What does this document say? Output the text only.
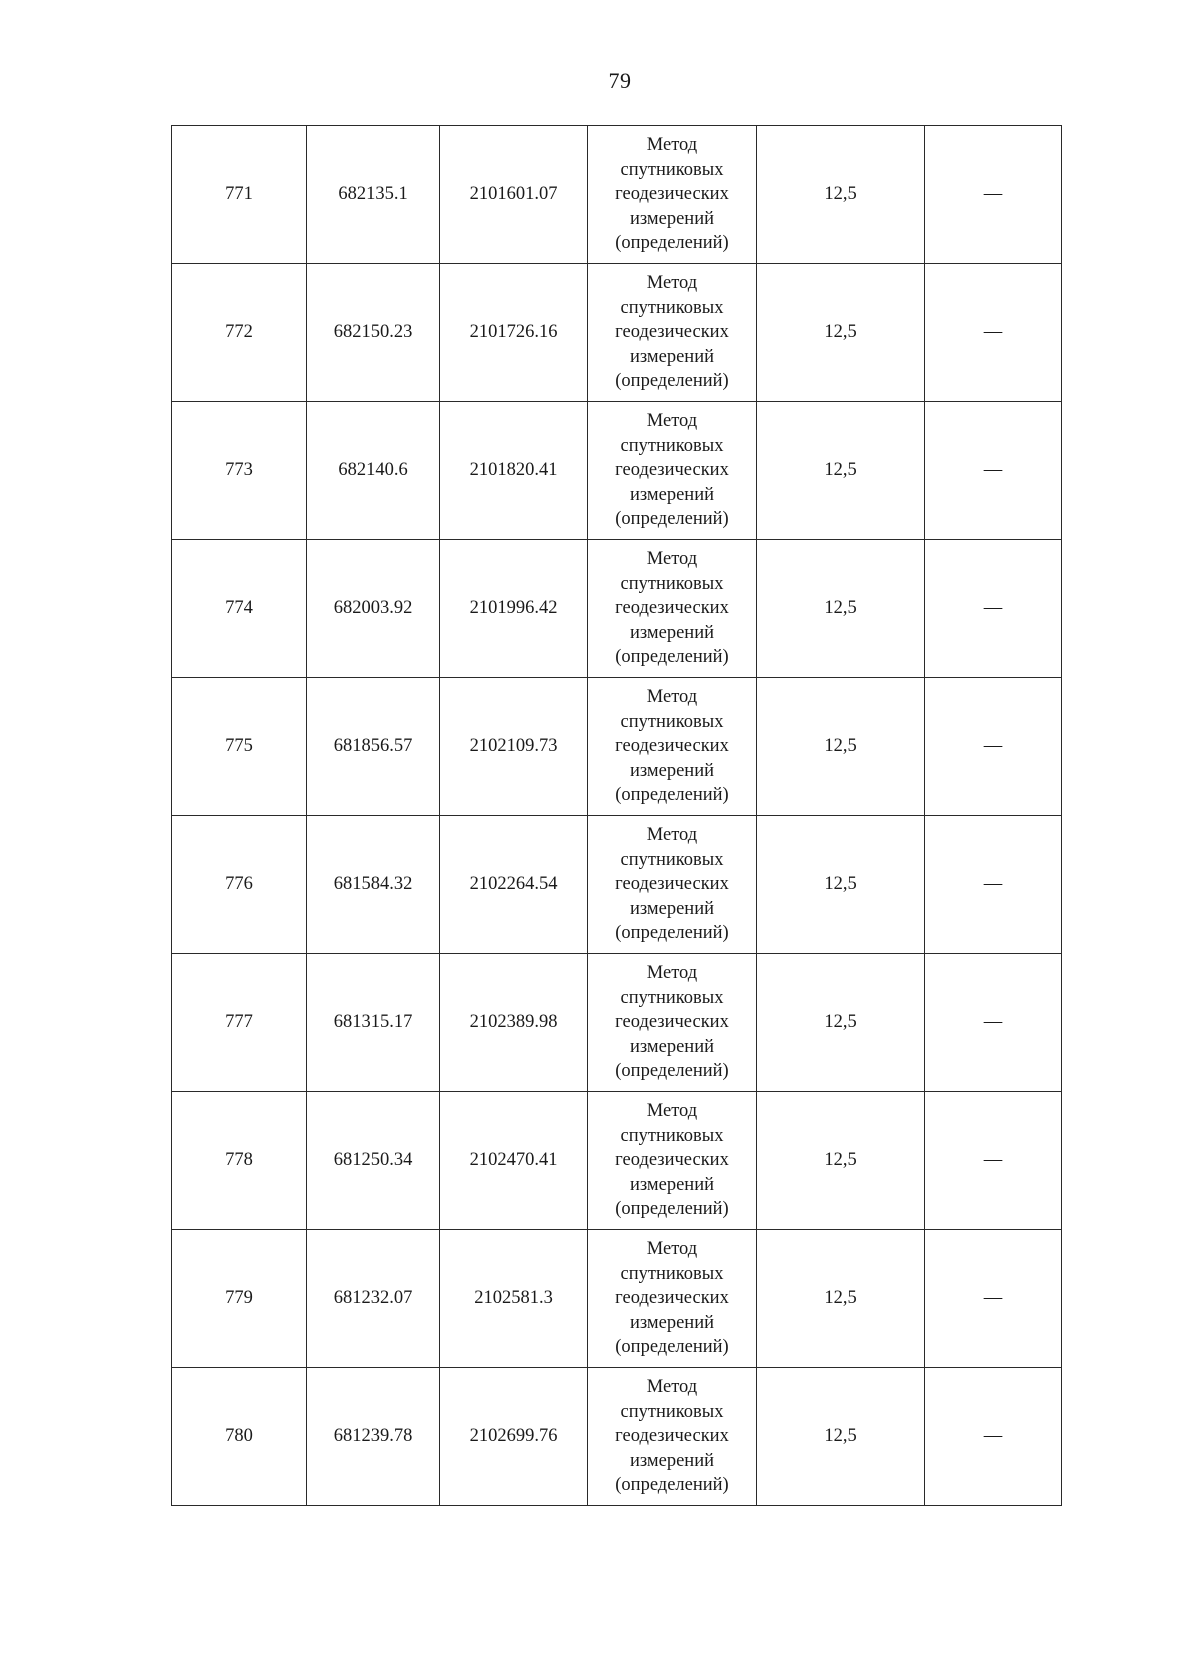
79
771	682135.1	2101601.07	Метод
спутниковых
геодезических
измерений
(определений)	12,5	—
772	682150.23	2101726.16	Метод
спутниковых
геодезических
измерений
(определений)	12,5	—
773	682140.6	2101820.41	Метод
спутниковых
геодезических
измерений
(определений)	12,5	—
774	682003.92	2101996.42	Метод
спутниковых
геодезических
измерений
(определений)	12,5	—
775	681856.57	2102109.73	Метод
спутниковых
геодезических
измерений
(определений)	12,5	—
776	681584.32	2102264.54	Метод
спутниковых
геодезических
измерений
(определений)	12,5	—
777	681315.17	2102389.98	Метод
спутниковых
геодезических
измерений
(определений)	12,5	—
778	681250.34	2102470.41	Метод
спутниковых
геодезических
измерений
(определений)	12,5	—
779	681232.07	2102581.3	Метод
спутниковых
геодезических
измерений
(определений)	12,5	—
780	681239.78	2102699.76	Метод
спутниковых
геодезических
измерений
(определений)	12,5	—
